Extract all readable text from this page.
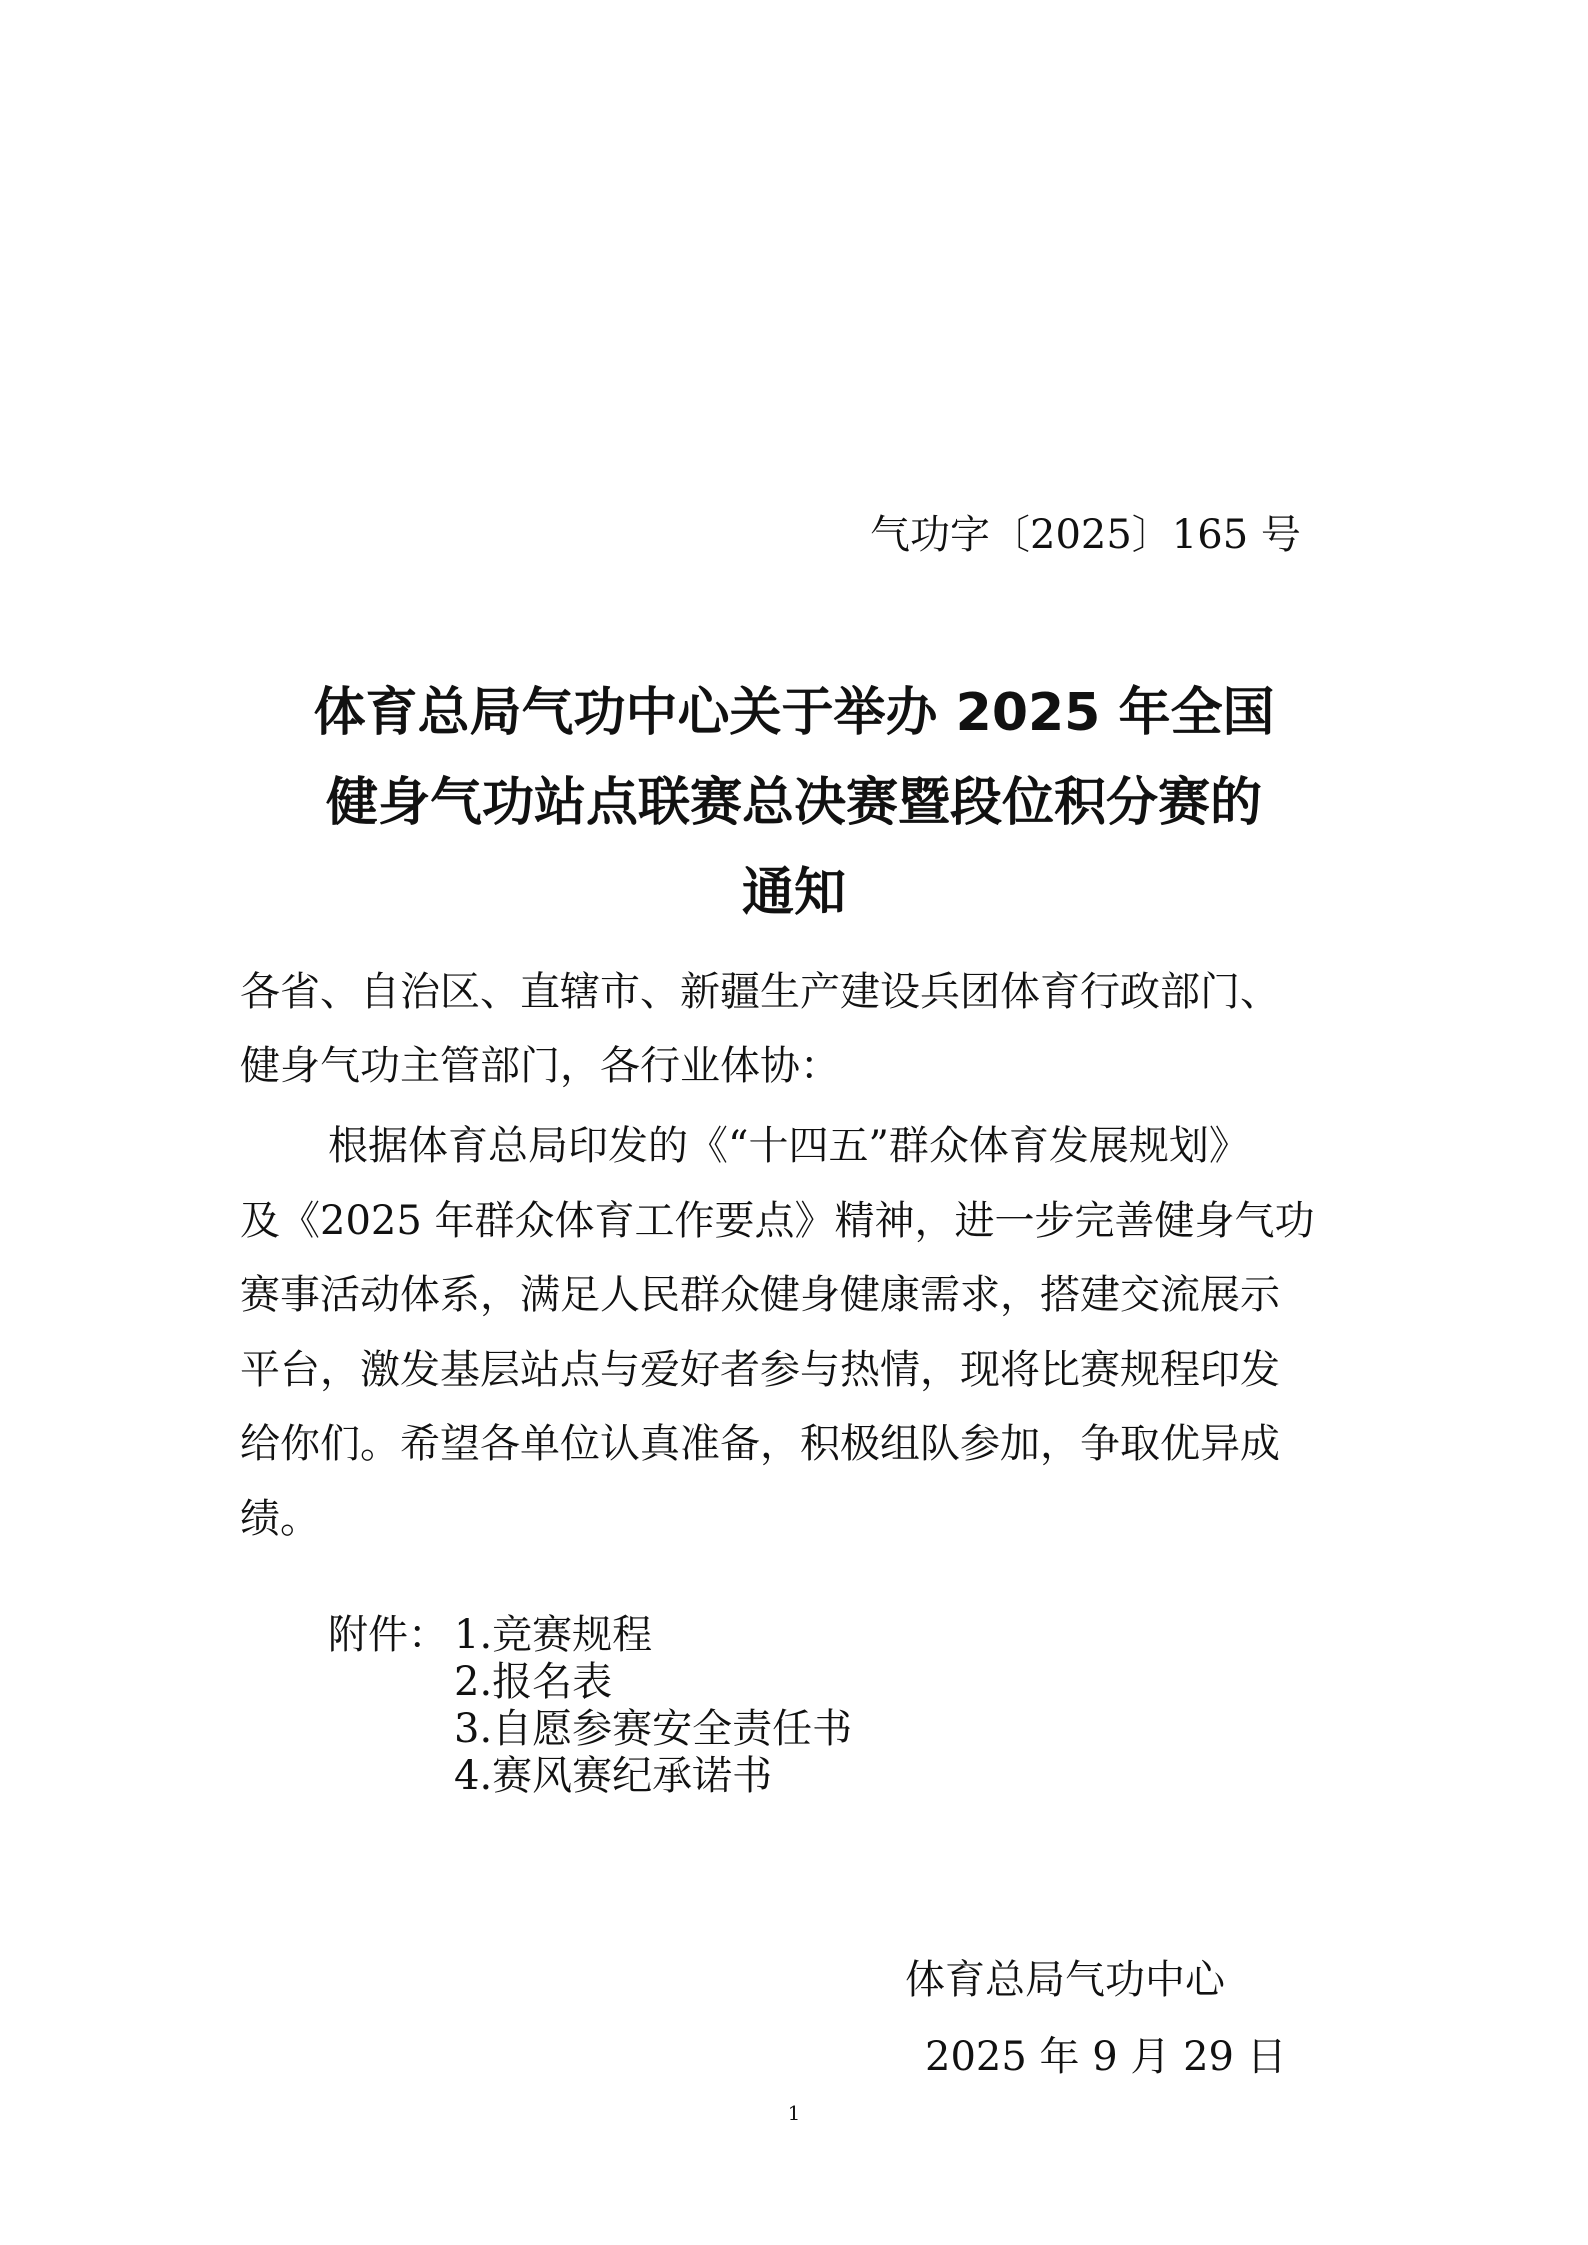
气功字〔2025〕165 号
体育总局气功中心关于举办 2025 年全国
健身气功站点联赛总决赛暨段位积分赛的
通知
各省、自治区、直辖市、新疆生产建设兵团体育行政部门、
健身气功主管部门，各行业体协：
根据体育总局印发的《“十四五”群众体育发展规划》
及《2025 年群众体育工作要点》精神，进一步完善健身气功
赛事活动体系，满足人民群众健身健康需求，搭建交流展示
平台，激发基层站点与爱好者参与热情，现将比赛规程印发
给你们。希望各单位认真准备，积极组队参加，争取优异成
绩。
附件： 1.竞赛规程
2.报名表
3.自愿参赛安全责任书
4.赛风赛纪承诺书
体育总局气功中心
2025 年 9 月 29 日
1
